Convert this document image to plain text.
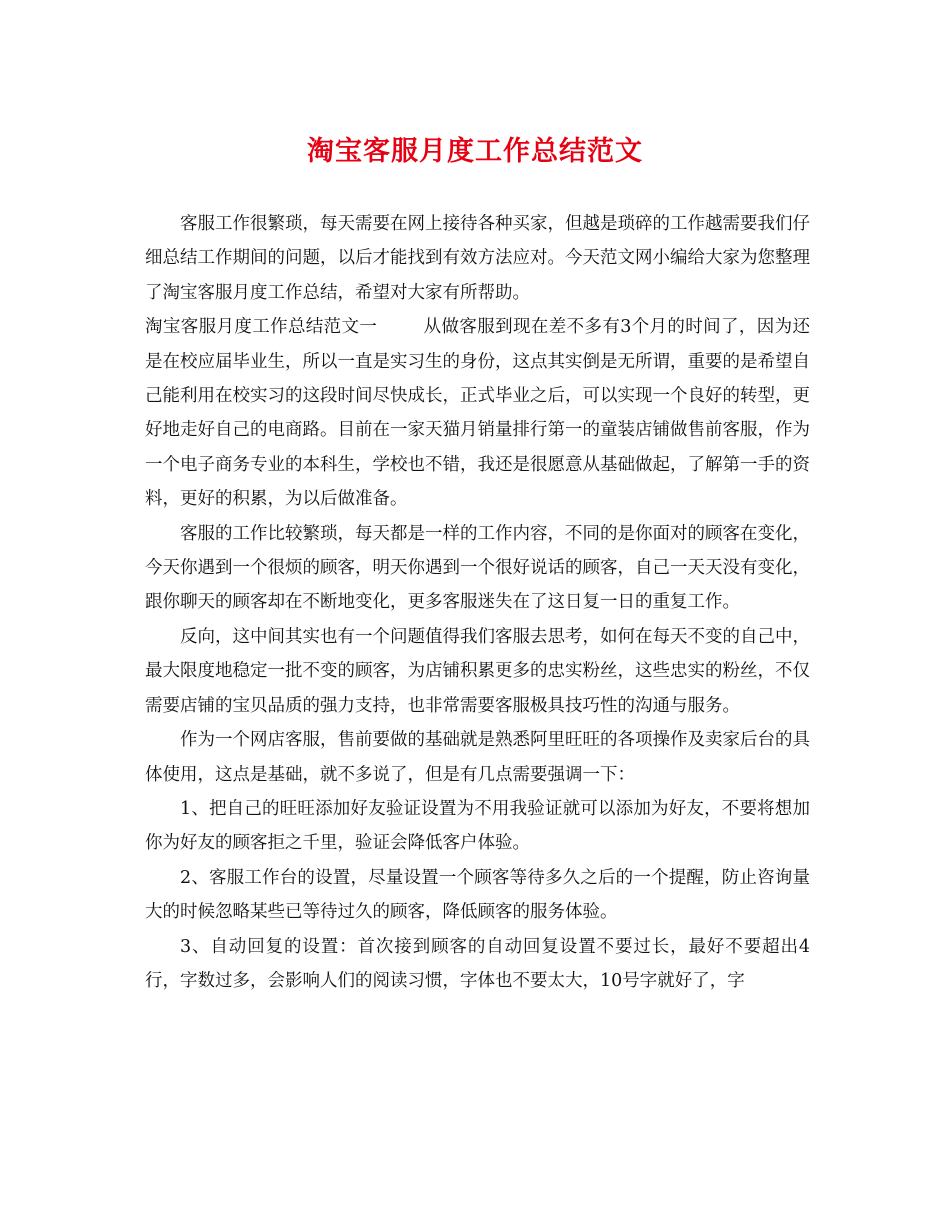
淘宝客服月度工作总结范文

客服工作很繁琐，每天需要在网上接待各种买家，但越是琐碎的工作越需要我们仔细总结工作期间的问题，以后才能找到有效方法应对。今天范文网小编给大家为您整理了淘宝客服月度工作总结，希望对大家有所帮助。

淘宝客服月度工作总结范文一	从做客服到现在差不多有3个月的时间了，因为还是在校应届毕业生，所以一直是实习生的身份，这点其实倒是无所谓，重要的是希望自己能利用在校实习的这段时间尽快成长，正式毕业之后，可以实现一个良好的转型，更好地走好自己的电商路。目前在一家天猫月销量排行第一的童装店铺做售前客服，作为一个电子商务专业的本科生，学校也不错，我还是很愿意从基础做起，了解第一手的资料，更好的积累，为以后做准备。

客服的工作比较繁琐，每天都是一样的工作内容，不同的是你面对的顾客在变化，今天你遇到一个很烦的顾客，明天你遇到一个很好说话的顾客，自己一天天没有变化，跟你聊天的顾客却在不断地变化，更多客服迷失在了这日复一日的重复工作。

反向，这中间其实也有一个问题值得我们客服去思考，如何在每天不变的自己中，最大限度地稳定一批不变的顾客，为店铺积累更多的忠实粉丝，这些忠实的粉丝，不仅需要店铺的宝贝品质的强力支持，也非常需要客服极具技巧性的沟通与服务。

作为一个网店客服，售前要做的基础就是熟悉阿里旺旺的各项操作及卖家后台的具体使用，这点是基础，就不多说了，但是有几点需要强调一下：

1、把自己的旺旺添加好友验证设置为不用我验证就可以添加为好友，不要将想加你为好友的顾客拒之千里，验证会降低客户体验。

2、客服工作台的设置，尽量设置一个顾客等待多久之后的一个提醒，防止咨询量大的时候忽略某些已等待过久的顾客，降低顾客的服务体验。

3、自动回复的设置：首次接到顾客的自动回复设置不要过长，最好不要超出4行，字数过多，会影响人们的阅读习惯，字体也不要太大，10号字就好了，字
